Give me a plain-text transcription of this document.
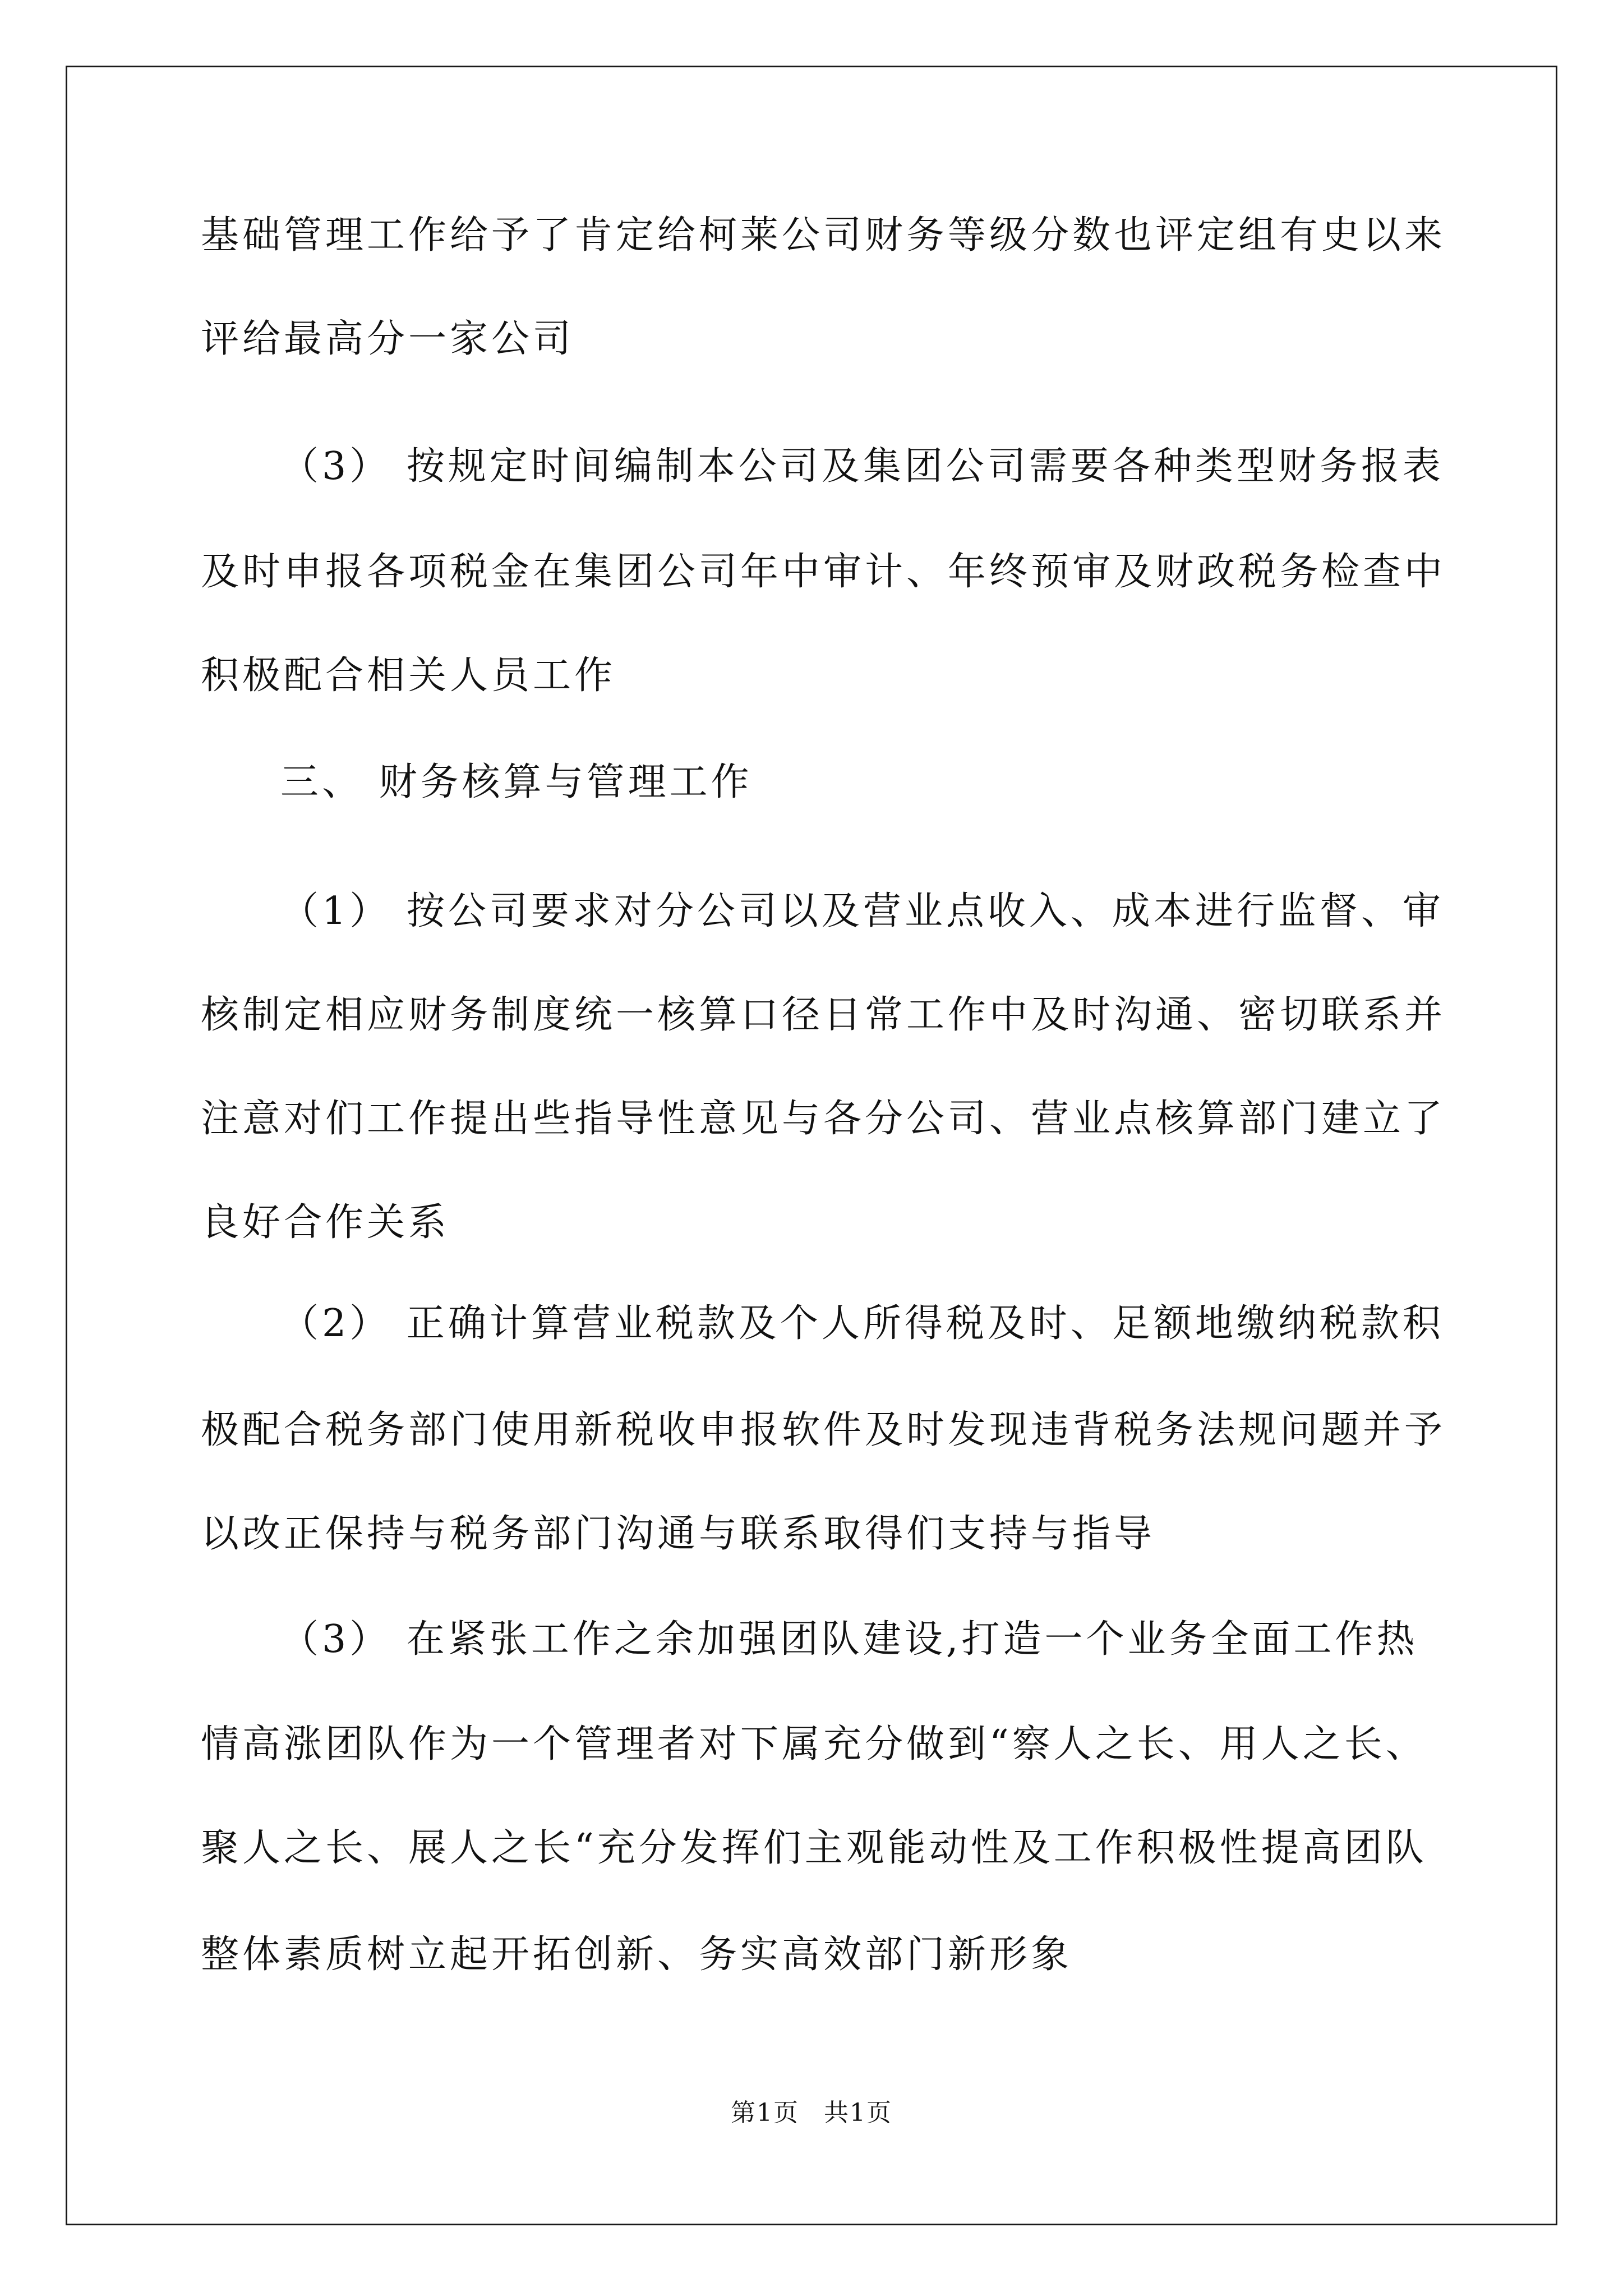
基础管理工作给予了肯定给柯莱公司财务等级分数也评定组有史以来
评给最高分一家公司
（3） 按规定时间编制本公司及集团公司需要各种类型财务报表
及时申报各项税金在集团公司年中审计、年终预审及财政税务检查中
积极配合相关人员工作
三、 财务核算与管理工作
（1） 按公司要求对分公司以及营业点收入、成本进行监督、审
核制定相应财务制度统一核算口径日常工作中及时沟通、密切联系并
注意对们工作提出些指导性意见与各分公司、营业点核算部门建立了
良好合作关系
（2） 正确计算营业税款及个人所得税及时、足额地缴纳税款积
极配合税务部门使用新税收申报软件及时发现违背税务法规问题并予
以改正保持与税务部门沟通与联系取得们支持与指导
（3） 在紧张工作之余加强团队建设,打造一个业务全面工作热
情高涨团队作为一个管理者对下属充分做到“察人之长、用人之长、
聚人之长、展人之长“充分发挥们主观能动性及工作积极性提高团队
整体素质树立起开拓创新、务实高效部门新形象
第1页 共1页
